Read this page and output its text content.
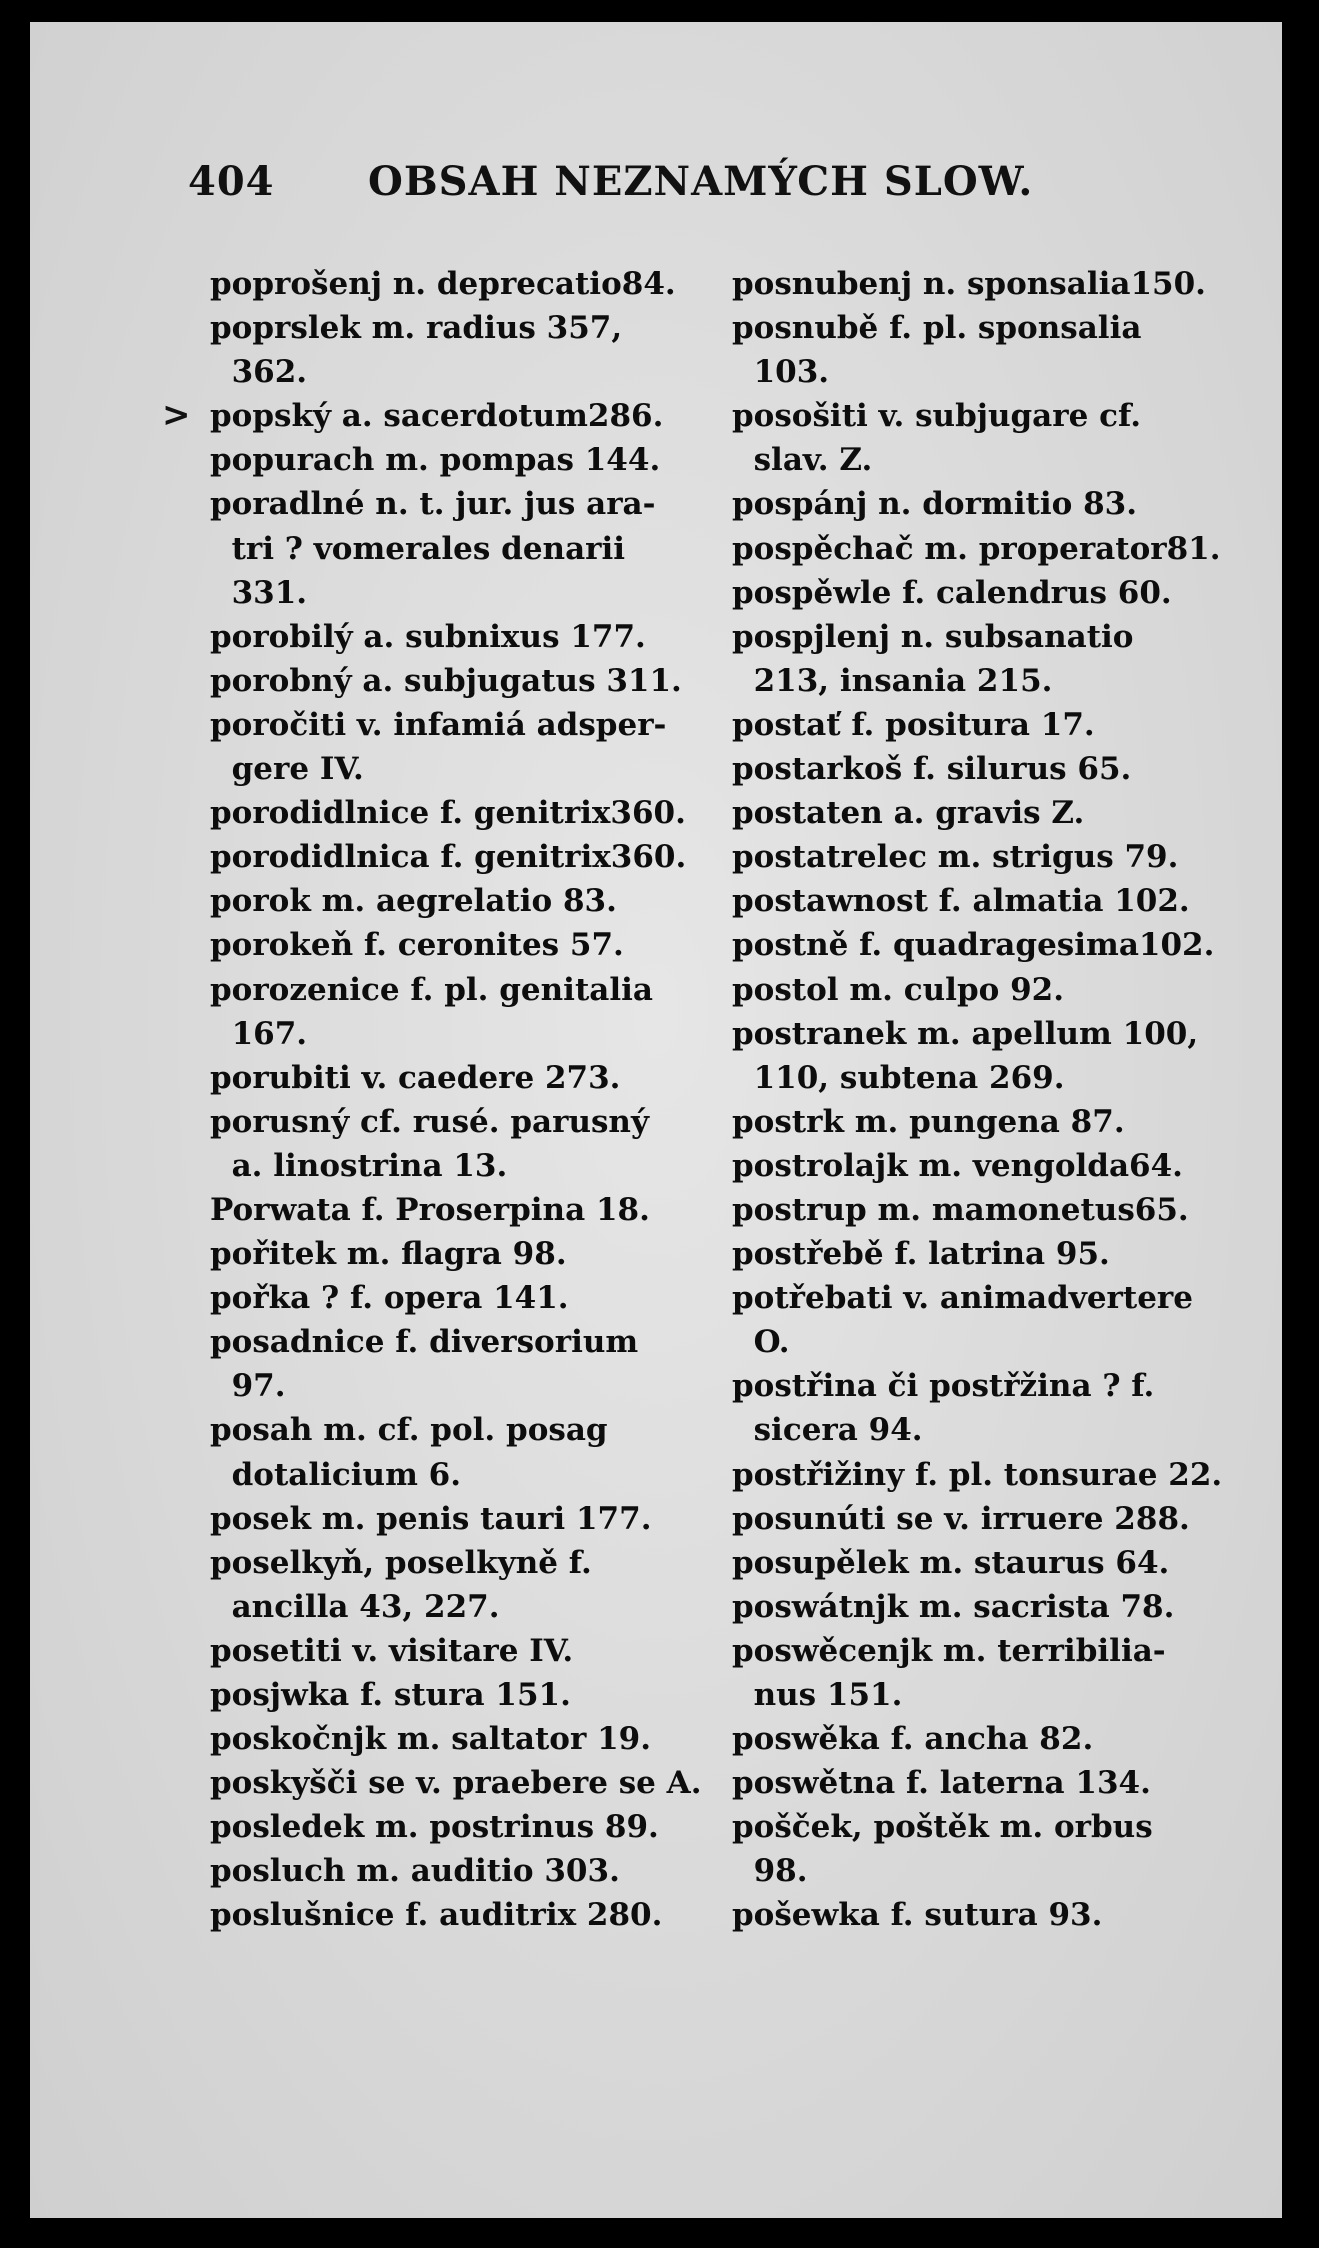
404 OBSAH NEZNAMÝCH SLOW.
>
poprošenj n. deprecatio84.
poprslek m. radius 357,
362.
popský a. sacerdotum286.
popurach m. pompas 144.
poradlné n. t. jur. jus ara-
tri ? vomerales denarii
331.
porobilý a. subnixus 177.
porobný a. subjugatus 311.
poročiti v. infamiá adsper-
gere IV.
porodidlnice f. genitrix360.
porodidlnica f. genitrix360.
porok m. aegrelatio 83.
porokeň f. ceronites 57.
porozenice f. pl. genitalia
167.
porubiti v. caedere 273.
porusný cf. rusé. parusný
a. linostrina 13.
Porwata f. Proserpina 18.
pořitek m. flagra 98.
pořka ? f. opera 141.
posadnice f. diversorium
97.
posah m. cf. pol. posag
dotalicium 6.
posek m. penis tauri 177.
poselkyň, poselkyně f.
ancilla 43, 227.
posetiti v. visitare IV.
posjwka f. stura 151.
poskočnjk m. saltator 19.
poskyšči se v. praebere se A.
posledek m. postrinus 89.
posluch m. auditio 303.
poslušnice f. auditrix 280.
posnubenj n. sponsalia150.
posnubě f. pl. sponsalia
103.
posošiti v. subjugare cf.
slav. Z.
pospánj n. dormitio 83.
pospěchač m. properator81.
pospěwle f. calendrus 60.
pospjlenj n. subsanatio
213, insania 215.
postať f. positura 17.
postarkoš f. silurus 65.
postaten a. gravis Z.
postatrelec m. strigus 79.
postawnost f. almatia 102.
postně f. quadragesima102.
postol m. culpo 92.
postranek m. apellum 100,
110, subtena 269.
postrk m. pungena 87.
postrolajk m. vengolda64.
postrup m. mamonetus65.
postřebě f. latrina 95.
potřebati v. animadvertere
O.
postřina či postřžina ? f.
sicera 94.
postřižiny f. pl. tonsurae 22.
posunúti se v. irruere 288.
posupělek m. staurus 64.
poswátnjk m. sacrista 78.
poswěcenjk m. terribilia-
nus 151.
poswěka f. ancha 82.
poswětna f. laterna 134.
pošček, poštěk m. orbus
98.
pošewka f. sutura 93.
